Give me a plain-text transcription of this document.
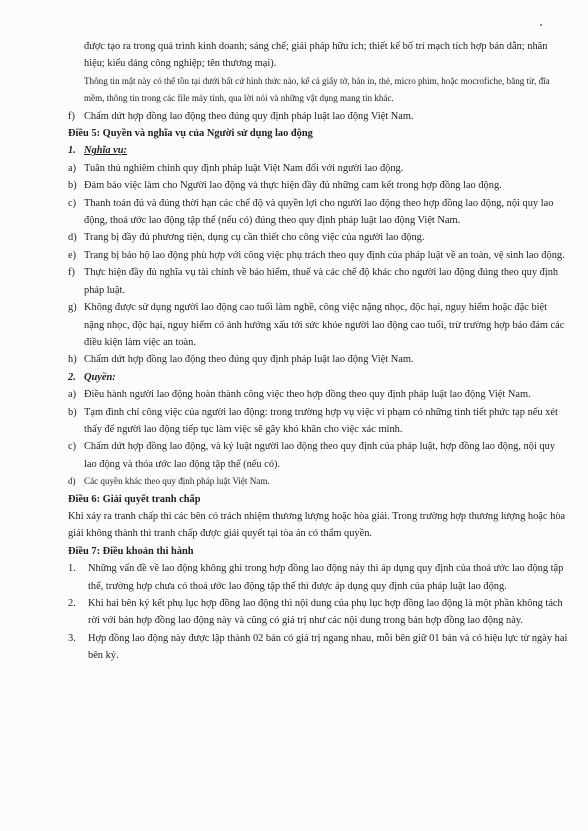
được tạo ra trong quá trình kinh doanh; sáng chế; giải pháp hữu ích; thiết kế bố trí mạch tích hợp bán dẫn; nhãn hiệu; kiểu dáng công nghiệp; tên thương mại).

Thông tin mật này có thể tồn tại dưới bất cứ hình thức nào, kể cả giấy tờ, bản in, thẻ, micro phim, hoặc mocrofiche, băng từ, đĩa mềm, thông tin trong các file máy tính, qua lời nói và những vật dụng mang tin khác.

f) Chấm dứt hợp đồng lao động theo đúng quy định pháp luật lao động Việt Nam.

Điều 5: Quyền và nghĩa vụ của Người sử dụng lao động

1. Nghĩa vụ:
a) Tuân thủ nghiêm chỉnh quy định pháp luật Việt Nam đối với người lao động.
b) Đảm bảo việc làm cho Người lao động và thực hiện đầy đủ những cam kết trong hợp đồng lao động.
c) Thanh toán đủ và đúng thời hạn các chế độ và quyền lợi cho người lao động theo hợp đồng lao động, nội quy lao động, thoả ước lao động tập thể (nếu có) đúng theo quy định pháp luật lao động Việt Nam.
d) Trang bị đầy đủ phương tiện, dụng cụ cần thiết cho công việc của người lao động.
e) Trang bị bảo hộ lao động phù hợp với công việc phụ trách theo quy định của pháp luật về an toàn, vệ sinh lao động.
f) Thực hiện đầy đủ nghĩa vụ tài chính về bảo hiểm, thuế và các chế độ khác cho người lao động đúng theo quy định pháp luật.
g) Không được sử dụng người lao động cao tuổi làm nghề, công việc nặng nhọc, độc hại, nguy hiểm hoặc đặc biệt nặng nhọc, độc hại, nguy hiểm có ảnh hưởng xấu tới sức khỏe người lao động cao tuổi, trừ trường hợp bảo đảm các điều kiện làm việc an toàn.
h) Chấm dứt hợp đồng lao động theo đúng quy định pháp luật lao động Việt Nam.
2. Quyền:
a) Điều hành người lao động hoàn thành công việc theo hợp đồng theo quy định pháp luật lao động Việt Nam.
b) Tạm đình chỉ công việc của người lao động: trong trường hợp vụ việc vi phạm có những tình tiết phức tạp nếu xét thấy để người lao động tiếp tục làm việc sẽ gây khó khăn cho việc xác minh.
c) Chấm dứt hợp đồng lao động, và kỷ luật người lao động theo quy định của pháp luật, hợp đồng lao động, nội quy lao động và thỏa ước lao động tập thể (nếu có).
d) Các quyền khác theo quy định pháp luật Việt Nam.

Điều 6: Giải quyết tranh chấp

Khi xảy ra tranh chấp thì các bên có trách nhiệm thương lượng hoặc hòa giải. Trong trường hợp thương lượng hoặc hòa giải không thành thì tranh chấp được giải quyết tại tòa án có thẩm quyền.

Điều 7: Điều khoản thi hành

1.	Những vấn đề về lao động không ghi trong hợp đồng lao động này thì áp dụng quy định của thoả ước lao động tập thể, trường hợp chưa có thoả ước lao động tập thể thì được áp dụng quy định của pháp luật lao động.
2.	Khi hai bên ký kết phụ lục hợp đồng lao động thì nội dung của phụ lục hợp đồng lao động là một phần không tách rời với bản hợp đồng lao động này và cũng có giá trị như các nội dung trong bản hợp đồng lao động này.
3.	Hợp đồng lao động này được lập thành 02 bản có giá trị ngang nhau, mỗi bên giữ 01 bản và có hiệu lực từ ngày hai bên ký.
